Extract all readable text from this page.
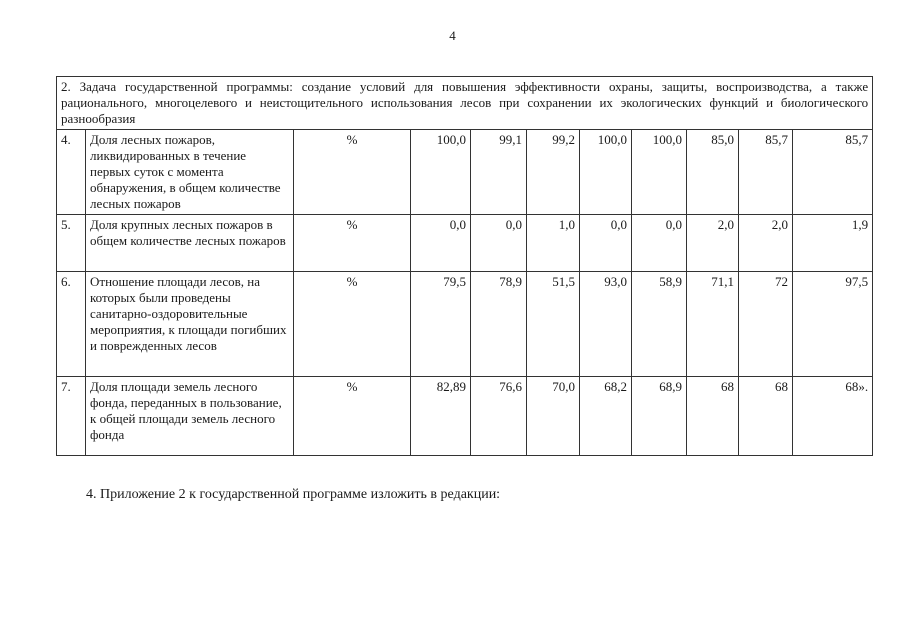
4
2. Задача государственной программы: создание условий для повышения эффективности охраны, защиты, воспроизводства, а также рационального, многоцелевого и неистощительного использования лесов при сохранении их экологических функций и биологического разнообразия										
4.	Доля лесных пожаров, ликвидированных в течение первых суток с момента обнаружения, в общем количестве лесных пожаров	%	100,0	99,1	99,2	100,0	100,0	85,0	85,7	85,7
5.	Доля крупных лесных пожаров в общем количестве лесных пожаров	%	0,0	0,0	1,0	0,0	0,0	2,0	2,0	1,9
6.	Отношение площади лесов, на которых были проведены санитарно-оздоровительные мероприятия, к площади погибших и поврежденных лесов	%	79,5	78,9	51,5	93,0	58,9	71,1	72	97,5
7.	Доля площади земель лесного фонда, переданных в пользование, к общей площади земель лесного фонда	%	82,89	76,6	70,0	68,2	68,9	68	68	68».
4. Приложение 2 к государственной программе изложить в редакции:
